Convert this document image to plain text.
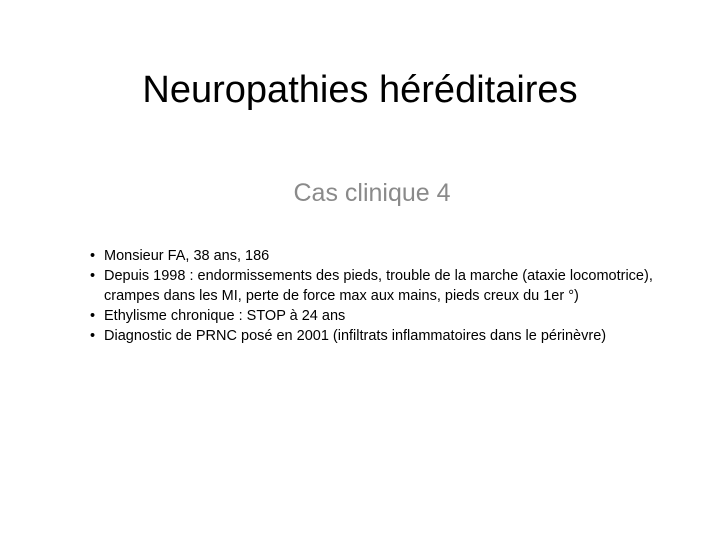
Neuropathies héréditaires
Cas clinique 4
• Monsieur FA, 38 ans, 186
• Depuis 1998 : endormissements des pieds, trouble de la marche (ataxie locomotrice), crampes dans les MI, perte de force max aux mains, pieds creux du 1er °)
• Ethylisme chronique : STOP à 24 ans
• Diagnostic de PRNC posé en 2001 (infiltrats inflammatoires dans le périnèvre)
